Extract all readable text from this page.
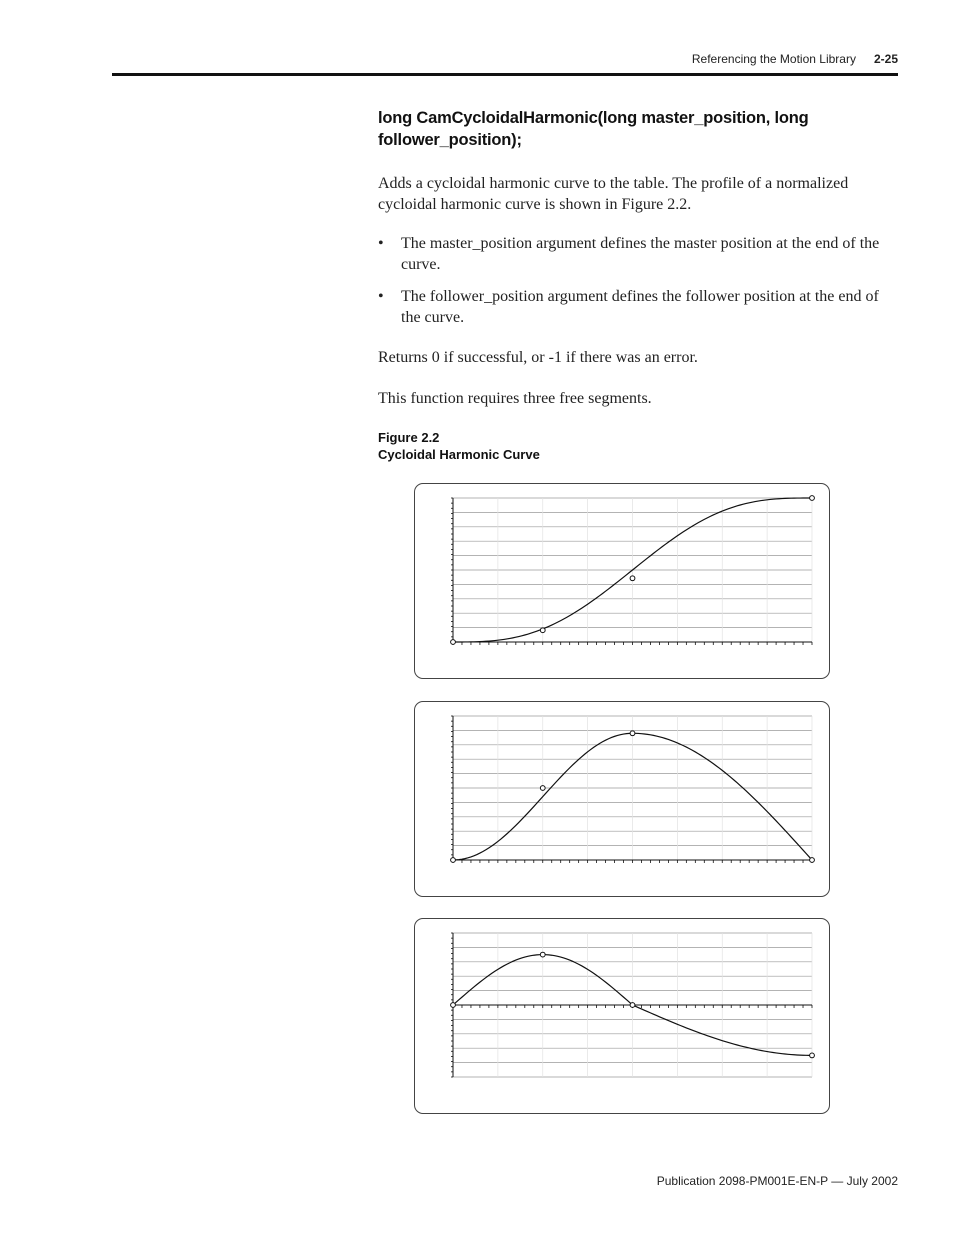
Referencing the Motion Library 2-25
long CamCycloidalHarmonic(long master_position, long follower_position);
Adds a cycloidal harmonic curve to the table. The profile of a normalized cycloidal harmonic curve is shown in Figure 2.2.
• The master_position argument defines the master position at the end of the curve.
• The follower_position argument defines the follower position at the end of the curve.
Returns 0 if successful, or -1 if there was an error.
This function requires three free segments.
Figure 2.2
Cycloidal Harmonic Curve
Publication 2098-PM001E-EN-P — July 2002
